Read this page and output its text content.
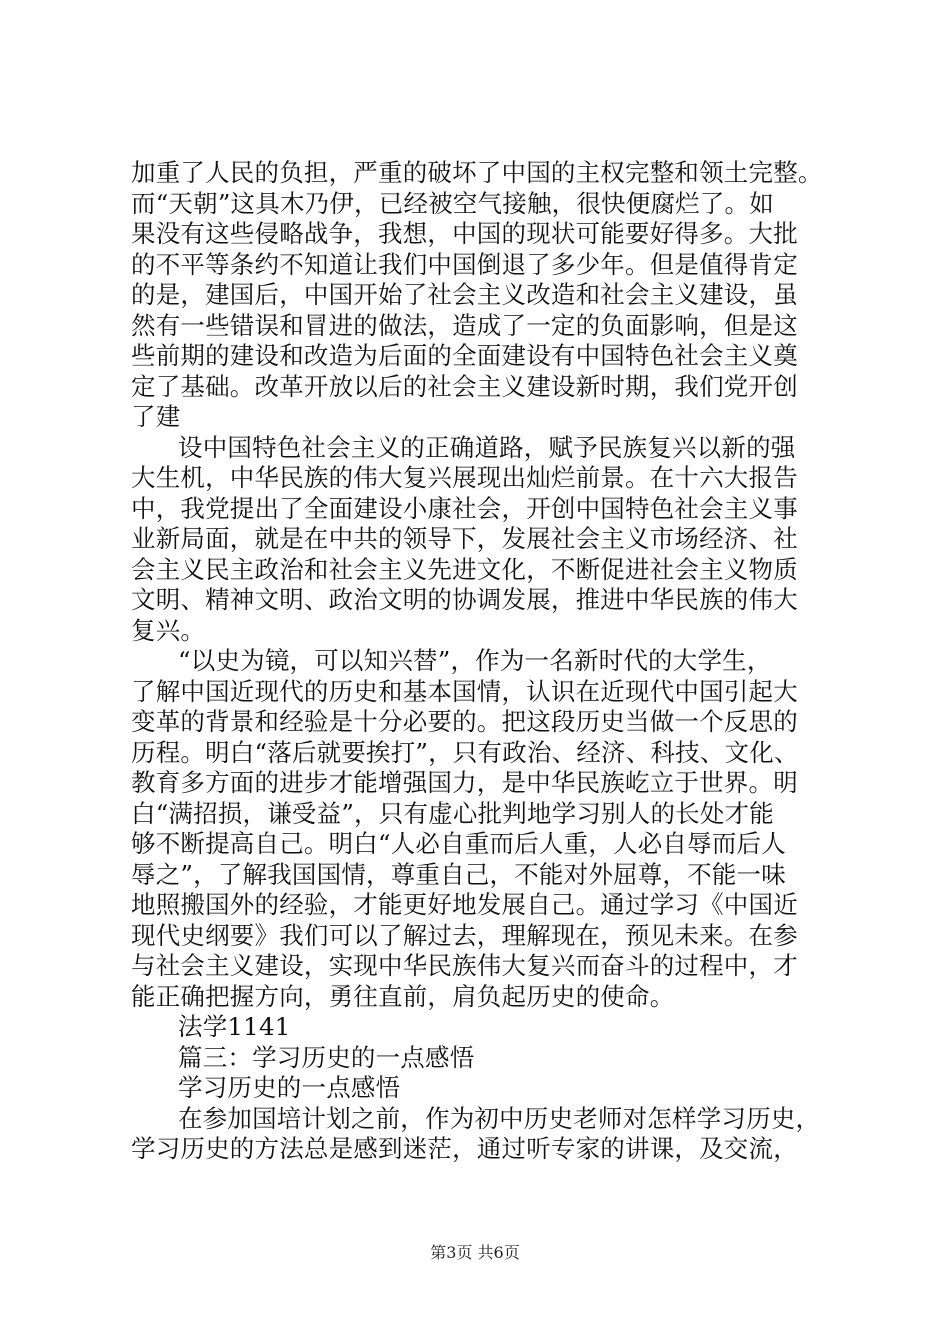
加重了人民的负担，严重的破坏了中国的主权完整和领土完整。
而“天朝”这具木乃伊，已经被空气接触，很快便腐烂了。如
果没有这些侵略战争，我想，中国的现状可能要好得多。大批
的不平等条约不知道让我们中国倒退了多少年。但是值得肯定
的是，建国后，中国开始了社会主义改造和社会主义建设，虽
然有一些错误和冒进的做法，造成了一定的负面影响，但是这
些前期的建设和改造为后面的全面建设有中国特色社会主义奠
定了基础。改革开放以后的社会主义建设新时期，我们党开创
了建
设中国特色社会主义的正确道路，赋予民族复兴以新的强
大生机，中华民族的伟大复兴展现出灿烂前景。在十六大报告
中，我党提出了全面建设小康社会，开创中国特色社会主义事
业新局面，就是在中共的领导下，发展社会主义市场经济、社
会主义民主政治和社会主义先进文化，不断促进社会主义物质
文明、精神文明、政治文明的协调发展，推进中华民族的伟大
复兴。
“以史为镜，可以知兴替”，作为一名新时代的大学生，
了解中国近现代的历史和基本国情，认识在近现代中国引起大
变革的背景和经验是十分必要的。把这段历史当做一个反思的
历程。明白“落后就要挨打”，只有政治、经济、科技、文化、
教育多方面的进步才能增强国力，是中华民族屹立于世界。明
白“满招损，谦受益”，只有虚心批判地学习别人的长处才能
够不断提高自己。明白“人必自重而后人重，人必自辱而后人
辱之”，了解我国国情，尊重自己，不能对外屈尊，不能一味
地照搬国外的经验，才能更好地发展自己。通过学习《中国近
现代史纲要》我们可以了解过去，理解现在，预见未来。在参
与社会主义建设，实现中华民族伟大复兴而奋斗的过程中，才
能正确把握方向，勇往直前，肩负起历史的使命。
法学1141
篇三：学习历史的一点感悟
学习历史的一点感悟
在参加国培计划之前，作为初中历史老师对怎样学习历史，
学习历史的方法总是感到迷茫，通过听专家的讲课，及交流，
第3页 共6页
